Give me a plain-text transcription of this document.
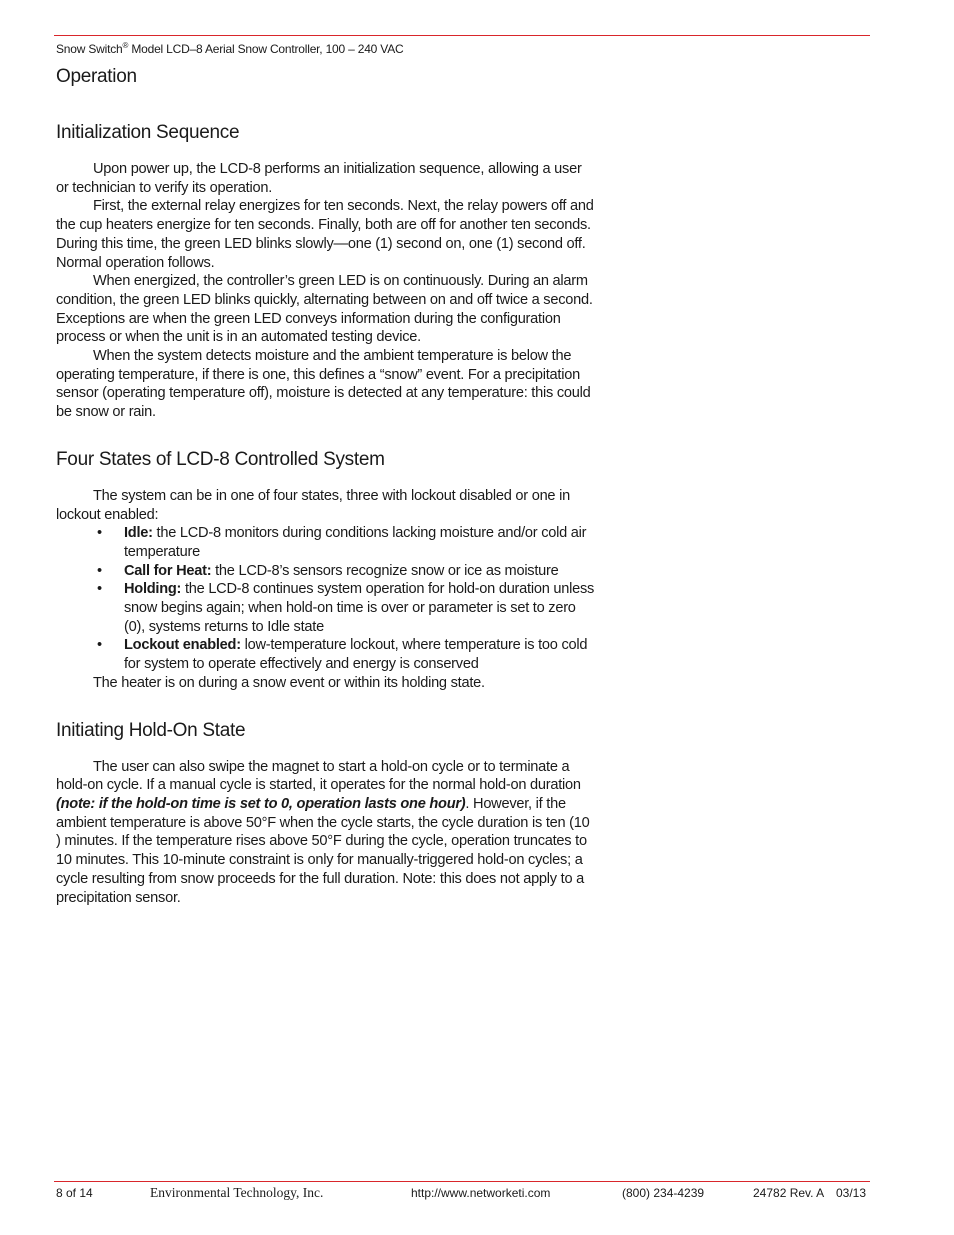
Snow Switch® Model LCD–8 Aerial Snow Controller, 100 – 240 VAC
Operation
Initialization Sequence

Upon power up, the LCD-8 performs an initialization sequence, allowing a user or technician to verify its operation.

First, the external relay energizes for ten seconds. Next, the relay powers off and the cup heaters energize for ten seconds. Finally, both are off for another ten seconds. During this time, the green LED blinks slowly—one (1) second on, one (1) second off. Normal operation follows.

When energized, the controller’s green LED is on continuously. During an alarm condition, the green LED blinks quickly, alternating between on and off twice a second. Exceptions are when the green LED conveys information during the configuration process or when the unit is in an automated testing device.

When the system detects moisture and the ambient temperature is below the operating temperature, if there is one, this defines a “snow” event. For a precipitation sensor (operating temperature off), moisture is detected at any temperature: this could be snow or rain.

Four States of LCD-8 Controlled System

The system can be in one of four states, three with lockout disabled or one in lockout enabled:

• Idle: the LCD-8 monitors during conditions lacking moisture and/or cold air temperature
• Call for Heat: the LCD-8’s sensors recognize snow or ice as moisture
• Holding: the LCD-8 continues system operation for hold-on duration unless snow begins again; when hold-on time is over or parameter is set to zero (0), systems returns to Idle state
• Lockout enabled: low-temperature lockout, where temperature is too cold for system to operate effectively and energy is conserved

The heater is on during a snow event or within its holding state.

Initiating Hold-On State

The user can also swipe the magnet to start a hold-on cycle or to terminate a hold-on cycle. If a manual cycle is started, it operates for the normal hold-on duration (note: if the hold-on time is set to 0, operation lasts one hour). However, if the ambient temperature is above 50°F when the cycle starts, the cycle duration is ten (10 ) minutes. If the temperature rises above 50°F during the cycle, operation truncates to 10 minutes. This 10-minute constraint is only for manually-triggered hold-on cycles; a cycle resulting from snow proceeds for the full duration. Note: this does not apply to a precipitation sensor.

8 of 14	Environmental Technology, Inc.	http://www.networketi.com	(800) 234-4239	24782 Rev. A 03/13
